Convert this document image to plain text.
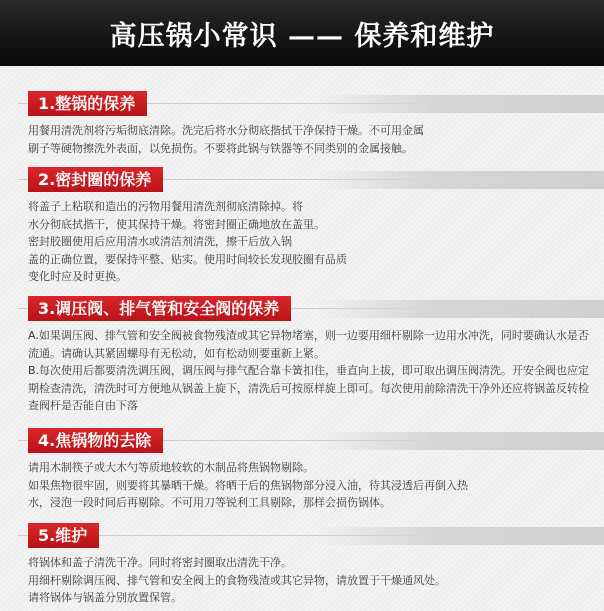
高压锅小常识 —— 保养和维护
1.整锅的保养

用餐用清洗剂将污垢彻底清除。洗完后将水分彻底揩拭干净保持干燥。不可用金属

刷子等硬物擦洗外表面，以免损伤。不要将此锅与铁器等不同类别的金属接触。

2.密封圈的保养

将盖子上粘联和造出的污物用餐用清洗剂彻底清除掉。将

水分彻底拭揩干，使其保持干燥。将密封圈正确地放在盖里。

密封胶圈使用后应用清水或清洁剂清洗，擦干后放入锅

盖的正确位置，要保持平整、贴实。使用时间较长发现胶圈有品质

变化时应及时更换。

3.调压阀、排气管和安全阀的保养

A.如果调压阀、排气管和安全阀被食物残渣或其它异物堵塞，则一边要用细杆剔除一边用水冲洗，同时要确认水是否流通。请确认其紧固螺母有无松动，如有松动则要重新上紧。

B.每次使用后都要清洗调压阀，调压阀与排气配合靠卡簧扣住，垂直向上拔，即可取出调压阀清洗。开安全阀也应定期检查清洗，清洗时可方便地从锅盖上旋下，清洗后可按原样旋上即可。每次使用前除清洗干净外还应将锅盖反转检查阀杆是否能自由下落

4.焦锅物的去除

请用木制筷子或大木勺等质地较软的木制品将焦锅物剔除。

如果焦物很牢固，则要将其暴晒干燥。将晒干后的焦锅物部分浸入油，待其浸透后再倒入热

水，浸泡一段时间后再剔除。不可用刀等锐利工具剔除，那样会损伤锅体。

5.维护

将锅体和盖子清洗干净。同时将密封圈取出清洗干净。

用细杆剔除调压阀、排气管和安全阀上的食物残渣或其它异物，请放置于干燥通风处。

请将锅体与锅盖分别放置保管。
